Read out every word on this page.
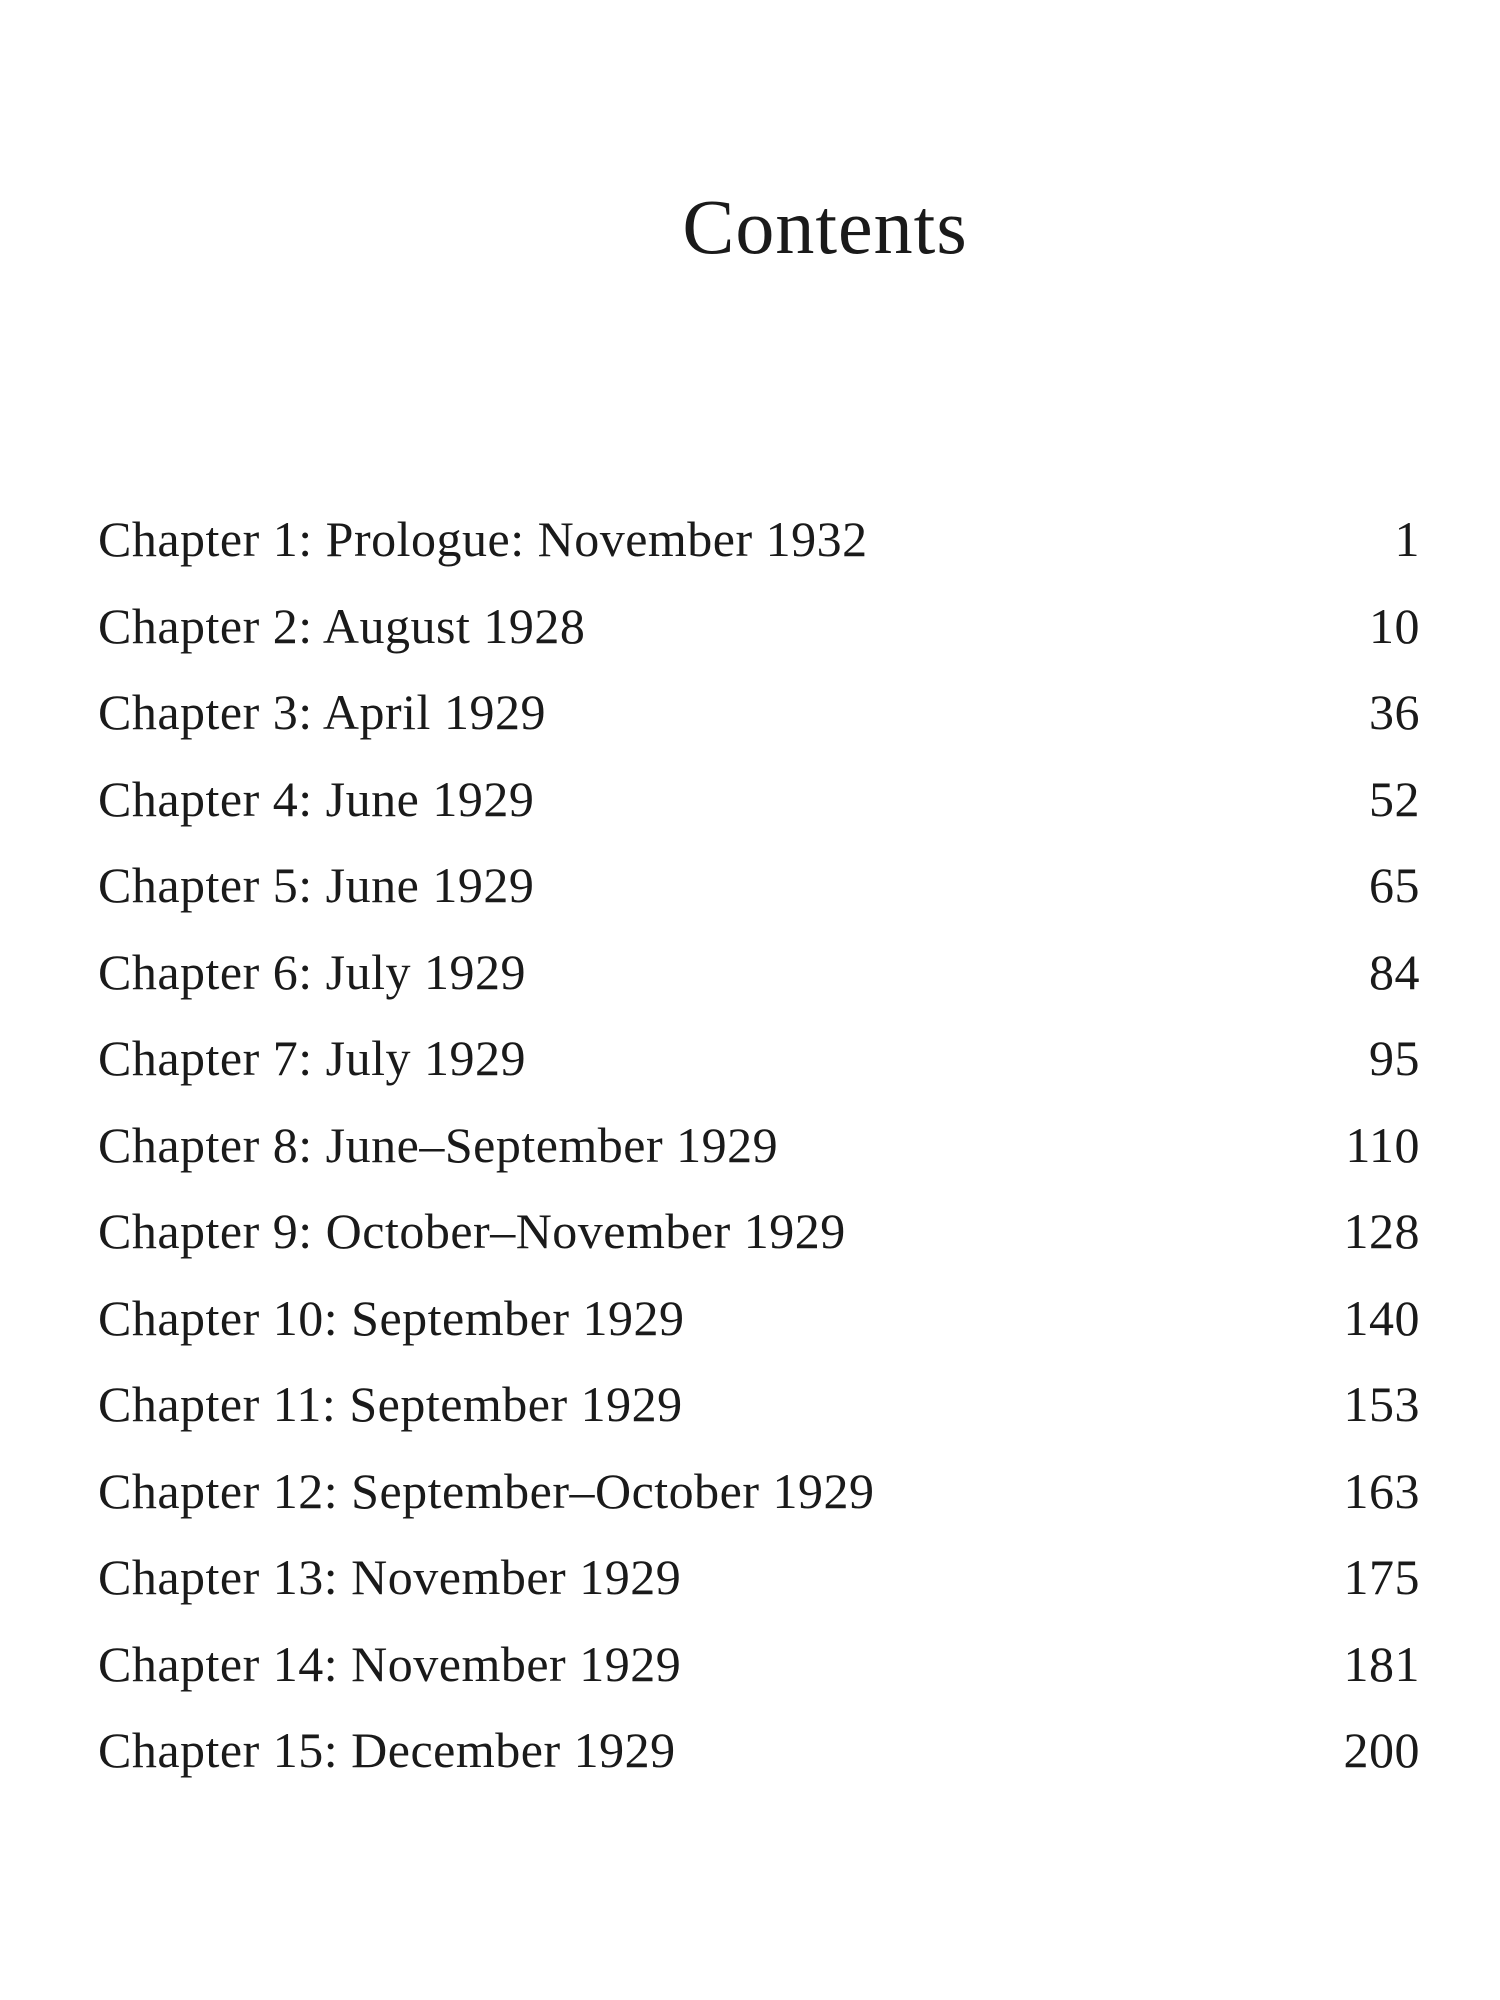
Contents
Chapter 1: Prologue: November 1932	1
Chapter 2: August 1928	10
Chapter 3: April 1929	36
Chapter 4: June 1929	52
Chapter 5: June 1929	65
Chapter 6: July 1929	84
Chapter 7: July 1929	95
Chapter 8: June–September 1929	110
Chapter 9: October–November 1929	128
Chapter 10: September 1929	140
Chapter 11: September 1929	153
Chapter 12: September–October 1929	163
Chapter 13: November 1929	175
Chapter 14: November 1929	181
Chapter 15: December 1929	200
